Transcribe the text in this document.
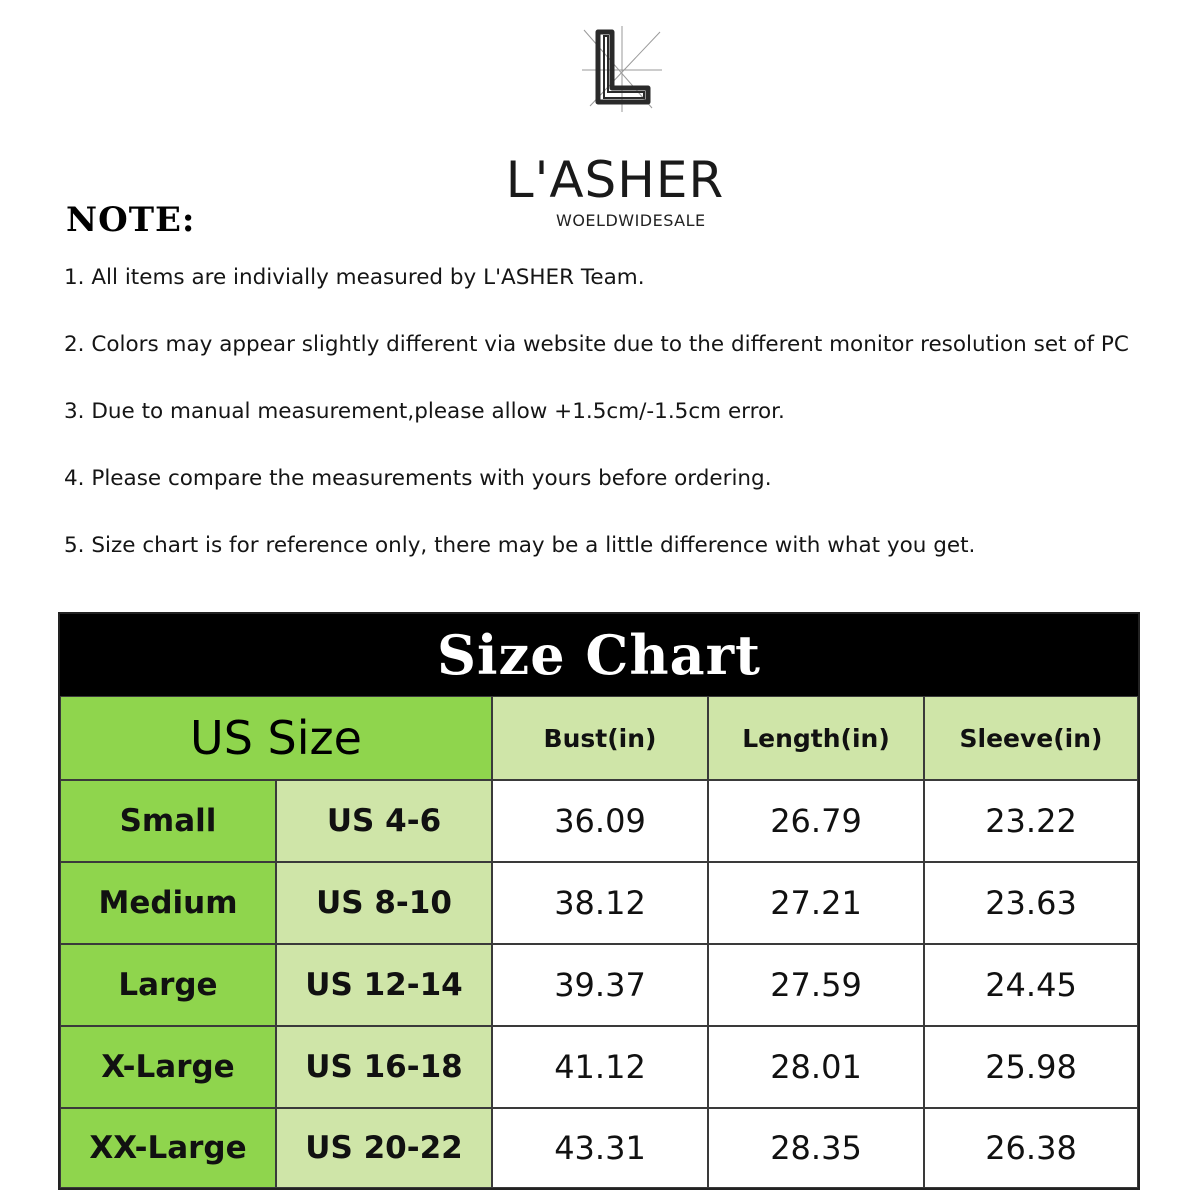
L'ASHER
WOELDWIDESALE
NOTE:
1. All items are indivially measured by L'ASHER Team.
2. Colors may appear slightly different via website due to the different monitor resolution set of PC
3. Due to manual measurement,please allow +1.5cm/-1.5cm error.
4. Please compare the measurements with yours before ordering.
5. Size chart is for reference only, there may be a little difference with what you get.
Size Chart
US Size	Bust(in)	Length(in)	Sleeve(in)
Small	US 4-6	36.09	26.79	23.22
Medium	US 8-10	38.12	27.21	23.63
Large	US 12-14	39.37	27.59	24.45
X-Large	US 16-18	41.12	28.01	25.98
XX-Large	US 20-22	43.31	28.35	26.38
